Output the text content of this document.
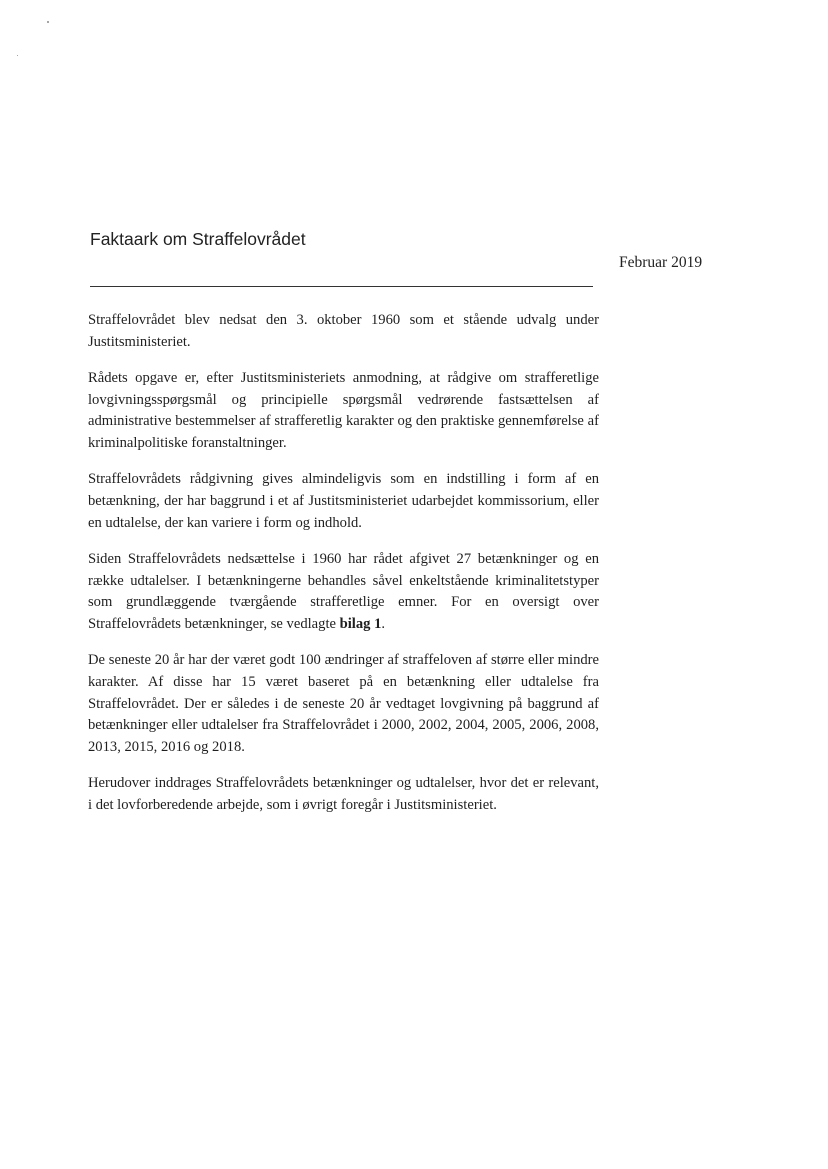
Faktaark om Straffelovrådet
Februar 2019

Straffelovrådet blev nedsat den 3. oktober 1960 som et stående udvalg under Justitsministeriet.

Rådets opgave er, efter Justitsministeriets anmodning, at rådgive om strafferetlige lovgivningsspørgsmål og principielle spørgsmål vedrørende fastsættelsen af administrative bestemmelser af strafferetlig karakter og den praktiske gennemførelse af kriminalpolitiske foranstaltninger.

Straffelovrådets rådgivning gives almindeligvis som en indstilling i form af en betænkning, der har baggrund i et af Justitsministeriet udarbejdet kommissorium, eller en udtalelse, der kan variere i form og indhold.

Siden Straffelovrådets nedsættelse i 1960 har rådet afgivet 27 betænkninger og en række udtalelser. I betænkningerne behandles såvel enkeltstående kriminalitetstyper som grundlæggende tværgående strafferetlige emner. For en oversigt over Straffelovrådets betænkninger, se vedlagte bilag 1.

De seneste 20 år har der været godt 100 ændringer af straffeloven af større eller mindre karakter. Af disse har 15 været baseret på en betænkning eller udtalelse fra Straffelovrådet. Der er således i de seneste 20 år vedtaget lovgivning på baggrund af betænkninger eller udtalelser fra Straffelovrådet i 2000, 2002, 2004, 2005, 2006, 2008, 2013, 2015, 2016 og 2018.

Herudover inddrages Straffelovrådets betænkninger og udtalelser, hvor det er relevant, i det lovforberedende arbejde, som i øvrigt foregår i Justitsministeriet.
